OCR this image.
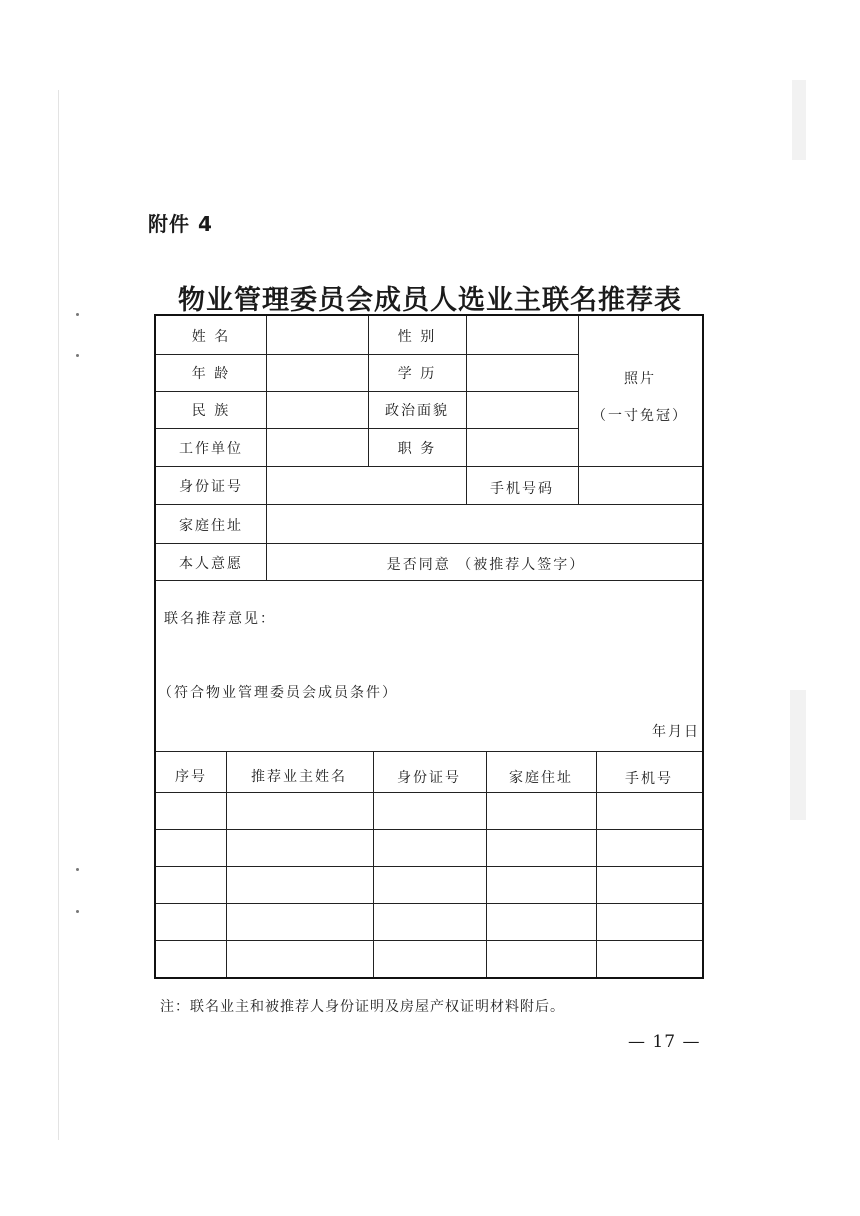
附件 4
物业管理委员会成员人选业主联名推荐表
姓 名	性 别
年 龄	学 历
民 族	政治面貌
工作单位	职 务
照片
（一寸免冠）
身份证号	手机号码
家庭住址
本人意愿	是否同意 （被推荐人签字）
联名推荐意见：
（符合物业管理委员会成员条件）
年月日
序号	推荐业主姓名	身份证号	家庭住址	手机号
注：联名业主和被推荐人身份证明及房屋产权证明材料附后。
— 17 —
